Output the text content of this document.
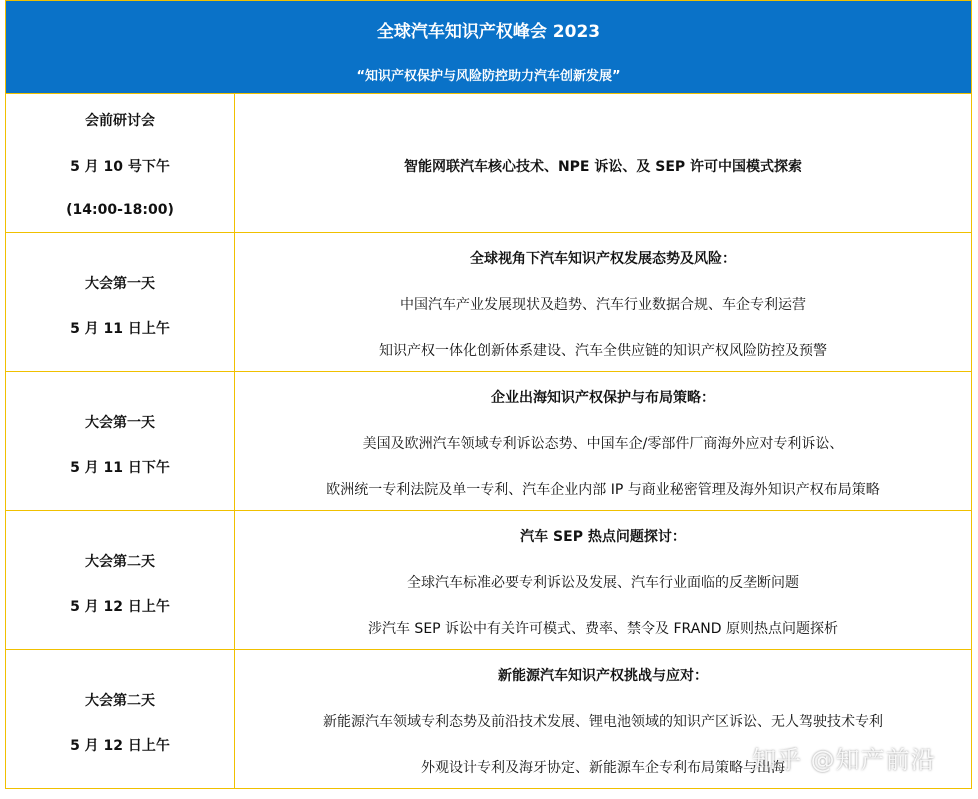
全球汽车知识产权峰会 2023
“知识产权保护与风险防控助力汽车创新发展”
会前研讨会
5 月 10 号下午
(14:00-18:00)
智能网联汽车核心技术、NPE 诉讼、及 SEP 许可中国模式探索
大会第一天
5 月 11 日上午
全球视角下汽车知识产权发展态势及风险：
中国汽车产业发展现状及趋势、汽车行业数据合规、车企专利运营
知识产权一体化创新体系建设、汽车全供应链的知识产权风险防控及预警
大会第一天
5 月 11 日下午
企业出海知识产权保护与布局策略：
美国及欧洲汽车领域专利诉讼态势、中国车企/零部件厂商海外应对专利诉讼、
欧洲统一专利法院及单一专利、汽车企业内部 IP 与商业秘密管理及海外知识产权布局策略
大会第二天
5 月 12 日上午
汽车 SEP 热点问题探讨：
全球汽车标准必要专利诉讼及发展、汽车行业面临的反垄断问题
涉汽车 SEP 诉讼中有关许可模式、费率、禁令及 FRAND 原则热点问题探析
大会第二天
5 月 12 日上午
新能源汽车知识产权挑战与应对：
新能源汽车领域专利态势及前沿技术发展、锂电池领域的知识产区诉讼、无人驾驶技术专利
外观设计专利及海牙协定、新能源车企专利布局策略与出海
知乎 @知产前沿
